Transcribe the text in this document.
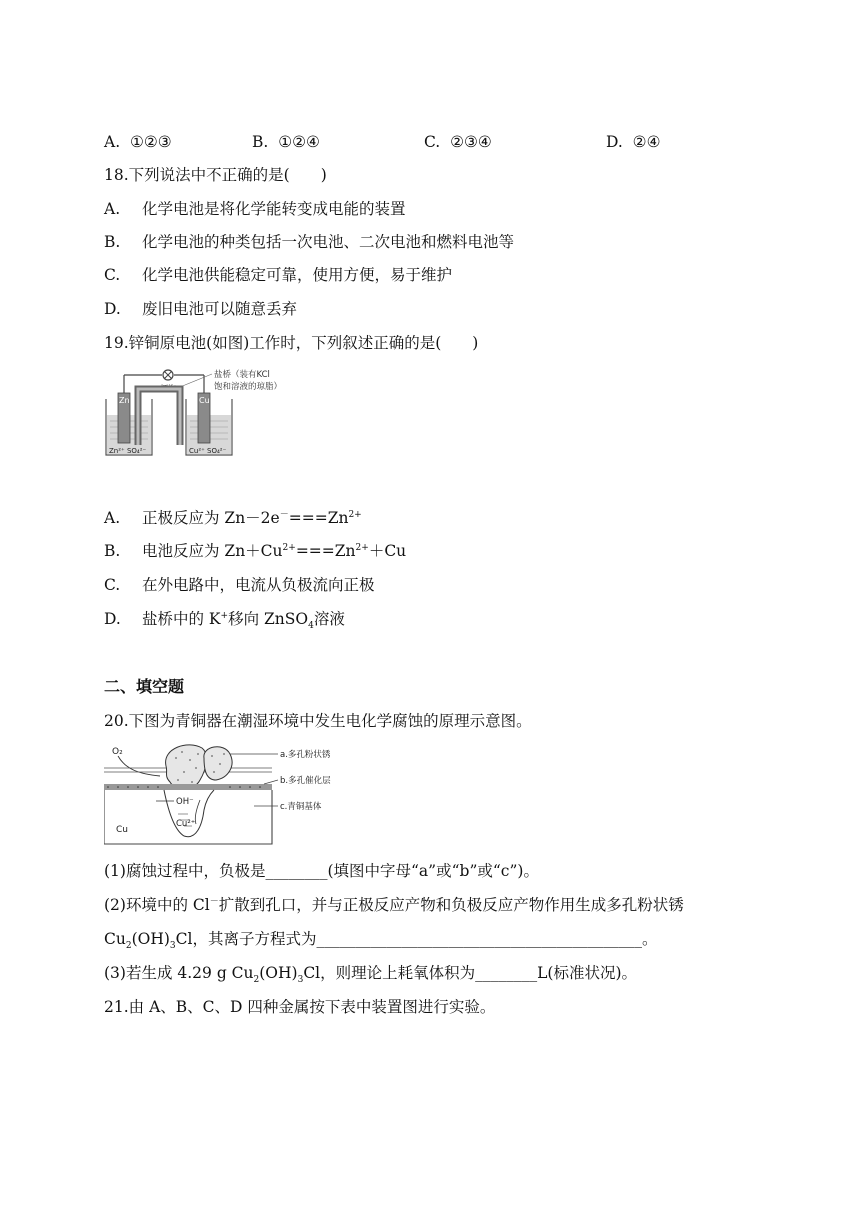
A. ①②③	B. ①②④	C. ②③④	D. ②④
18.下列说法中不正确的是(　　)
A. 化学电池是将化学能转变成电能的装置
B. 化学电池的种类包括一次电池、二次电池和燃料电池等
C. 化学电池供能稳定可靠，使用方便，易于维护
D. 废旧电池可以随意丢弃
19.锌铜原电池(如图)工作时，下列叙述正确的是(　　)
灯泡
Zn	Cu
盐桥（装有KCl
饱和溶液的琼脂）
Zn²⁺ SO₄²⁻	Cu²⁺ SO₄²⁻
A. 正极反应为 $Zn-2e^-===Zn^{2+}$
B. 电池反应为 $Zn+Cu^{2+}===Zn^{2+}+Cu$
C. 在外电路中，电流从负极流向正极
D. 盐桥中的 K+移向 ZnSO$_4$溶液
二、填空题
20.下图为青铜器在潮湿环境中发生电化学腐蚀的原理示意图。
O₂
OH⁻
Cu²⁺
Cu
a.多孔粉状锈
b.多孔催化层
c.青铜基体
(1)腐蚀过程中，负极是________(填图中字母“a”或“b”或“c”)。
(2)环境中的 Cl－扩散到孔口，并与正极反应产物和负极反应产物作用生成多孔粉状锈
$Cu_2(OH)_3Cl$，其离子方程式为__________________________________________。
(3)若生成 4.29 g $Cu_2(OH)_3Cl$，则理论上耗氧体积为________L(标准状况)。
21.由 A、B、C、D 四种金属按下表中装置图进行实验。
